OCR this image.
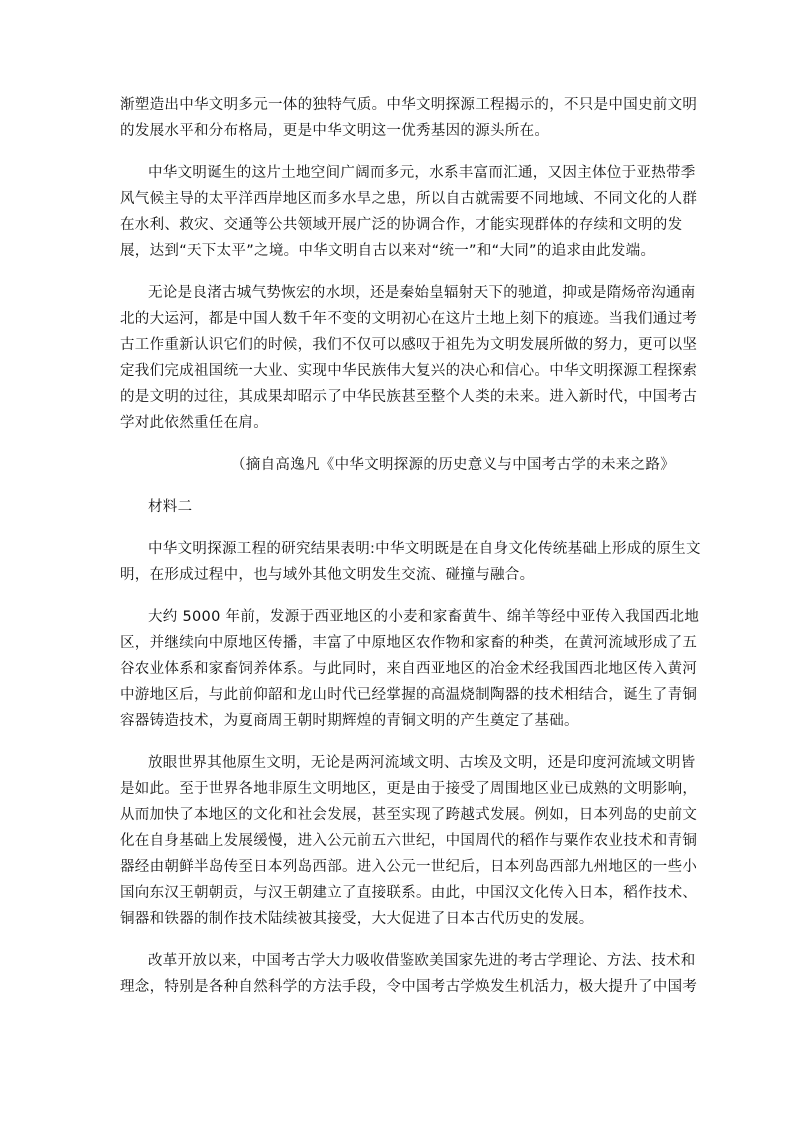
渐塑造出中华文明多元一体的独特气质。中华文明探源工程揭示的，不只是中国史前文明
的发展水平和分布格局，更是中华文明这一优秀基因的源头所在。
中华文明诞生的这片土地空间广阔而多元，水系丰富而汇通，又因主体位于亚热带季
风气候主导的太平洋西岸地区而多水旱之患，所以自古就需要不同地域、不同文化的人群
在水利、救灾、交通等公共领域开展广泛的协调合作，才能实现群体的存续和文明的发
展，达到“天下太平”之境。中华文明自古以来对“统一”和“大同”的追求由此发端。
无论是良渚古城气势恢宏的水坝，还是秦始皇辐射天下的驰道，抑或是隋炀帝沟通南
北的大运河，都是中国人数千年不变的文明初心在这片土地上刻下的痕迹。当我们通过考
古工作重新认识它们的时候，我们不仅可以感叹于祖先为文明发展所做的努力，更可以坚
定我们完成祖国统一大业、实现中华民族伟大复兴的决心和信心。中华文明探源工程探索
的是文明的过往，其成果却昭示了中华民族甚至整个人类的未来。进入新时代，中国考古
学对此依然重任在肩。
（摘自高逸凡《中华文明探源的历史意义与中国考古学的未来之路》
材料二
中华文明探源工程的研究结果表明:中华文明既是在自身文化传统基础上形成的原生文
明，在形成过程中，也与域外其他文明发生交流、碰撞与融合。
大约 5000 年前，发源于西亚地区的小麦和家畜黄牛、绵羊等经中亚传入我国西北地
区，并继续向中原地区传播，丰富了中原地区农作物和家畜的种类，在黄河流域形成了五
谷农业体系和家畜饲养体系。与此同时，来自西亚地区的冶金术经我国西北地区传入黄河
中游地区后，与此前仰韶和龙山时代已经掌握的高温烧制陶器的技术相结合，诞生了青铜
容器铸造技术，为夏商周王朝时期辉煌的青铜文明的产生奠定了基础。
放眼世界其他原生文明，无论是两河流域文明、古埃及文明，还是印度河流域文明皆
是如此。至于世界各地非原生文明地区，更是由于接受了周围地区业已成熟的文明影响，
从而加快了本地区的文化和社会发展，甚至实现了跨越式发展。例如，日本列岛的史前文
化在自身基础上发展缓慢，进入公元前五六世纪，中国周代的稻作与粟作农业技术和青铜
器经由朝鲜半岛传至日本列岛西部。进入公元一世纪后，日本列岛西部九州地区的一些小
国向东汉王朝朝贡，与汉王朝建立了直接联系。由此，中国汉文化传入日本，稻作技术、
铜器和铁器的制作技术陆续被其接受，大大促进了日本古代历史的发展。
改革开放以来，中国考古学大力吸收借鉴欧美国家先进的考古学理论、方法、技术和
理念，特别是各种自然科学的方法手段，令中国考古学焕发生机活力，极大提升了中国考
